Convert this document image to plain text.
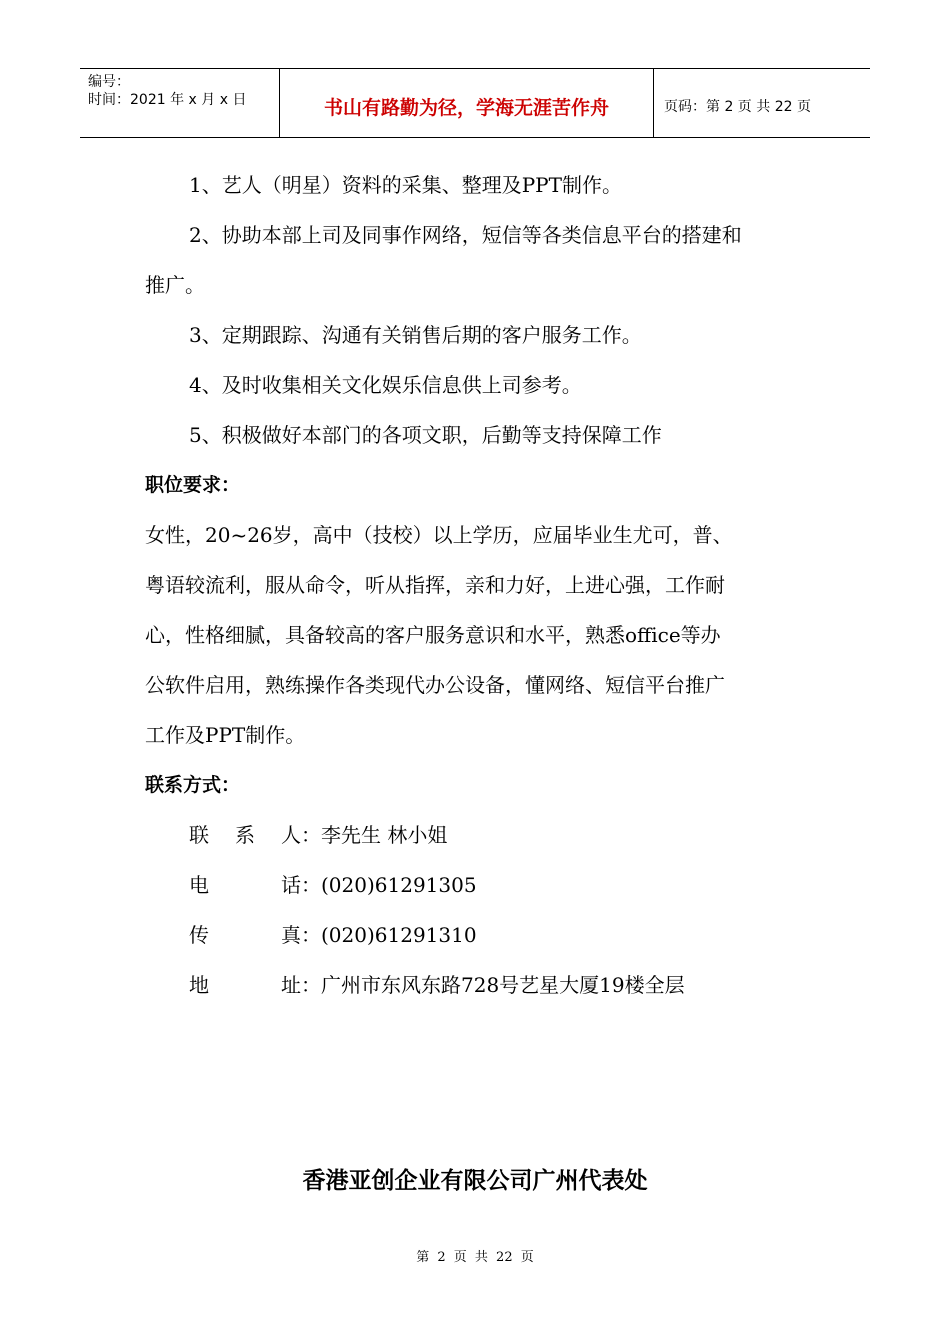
编号：
时间：2021 年 x 月 x 日	书山有路勤为径，学海无涯苦作舟	页码：第 2 页 共 22 页
1、艺人（明星）资料的采集、整理及PPT制作。
2、协助本部上司及同事作网络，短信等各类信息平台的搭建和
推广。
3、定期跟踪、沟通有关销售后期的客户服务工作。
4、及时收集相关文化娱乐信息供上司参考。
5、积极做好本部门的各项文职，后勤等支持保障工作
职位要求：
女性，20~26岁，高中（技校）以上学历，应届毕业生尤可，普、
粤语较流利，服从命令，听从指挥，亲和力好，上进心强，工作耐
心，性格细腻，具备较高的客户服务意识和水平，熟悉office等办
公软件启用，熟练操作各类现代办公设备，懂网络、短信平台推广
工作及PPT制作。
联系方式：
联 系 人 ：李先生 林小姐
电	话 ：(020)61291305
传	真 ：(020)61291310
地	址 ：广州市东风东路728号艺星大厦19楼全层
香港亚创企业有限公司广州代表处
第 2 页 共 22 页
